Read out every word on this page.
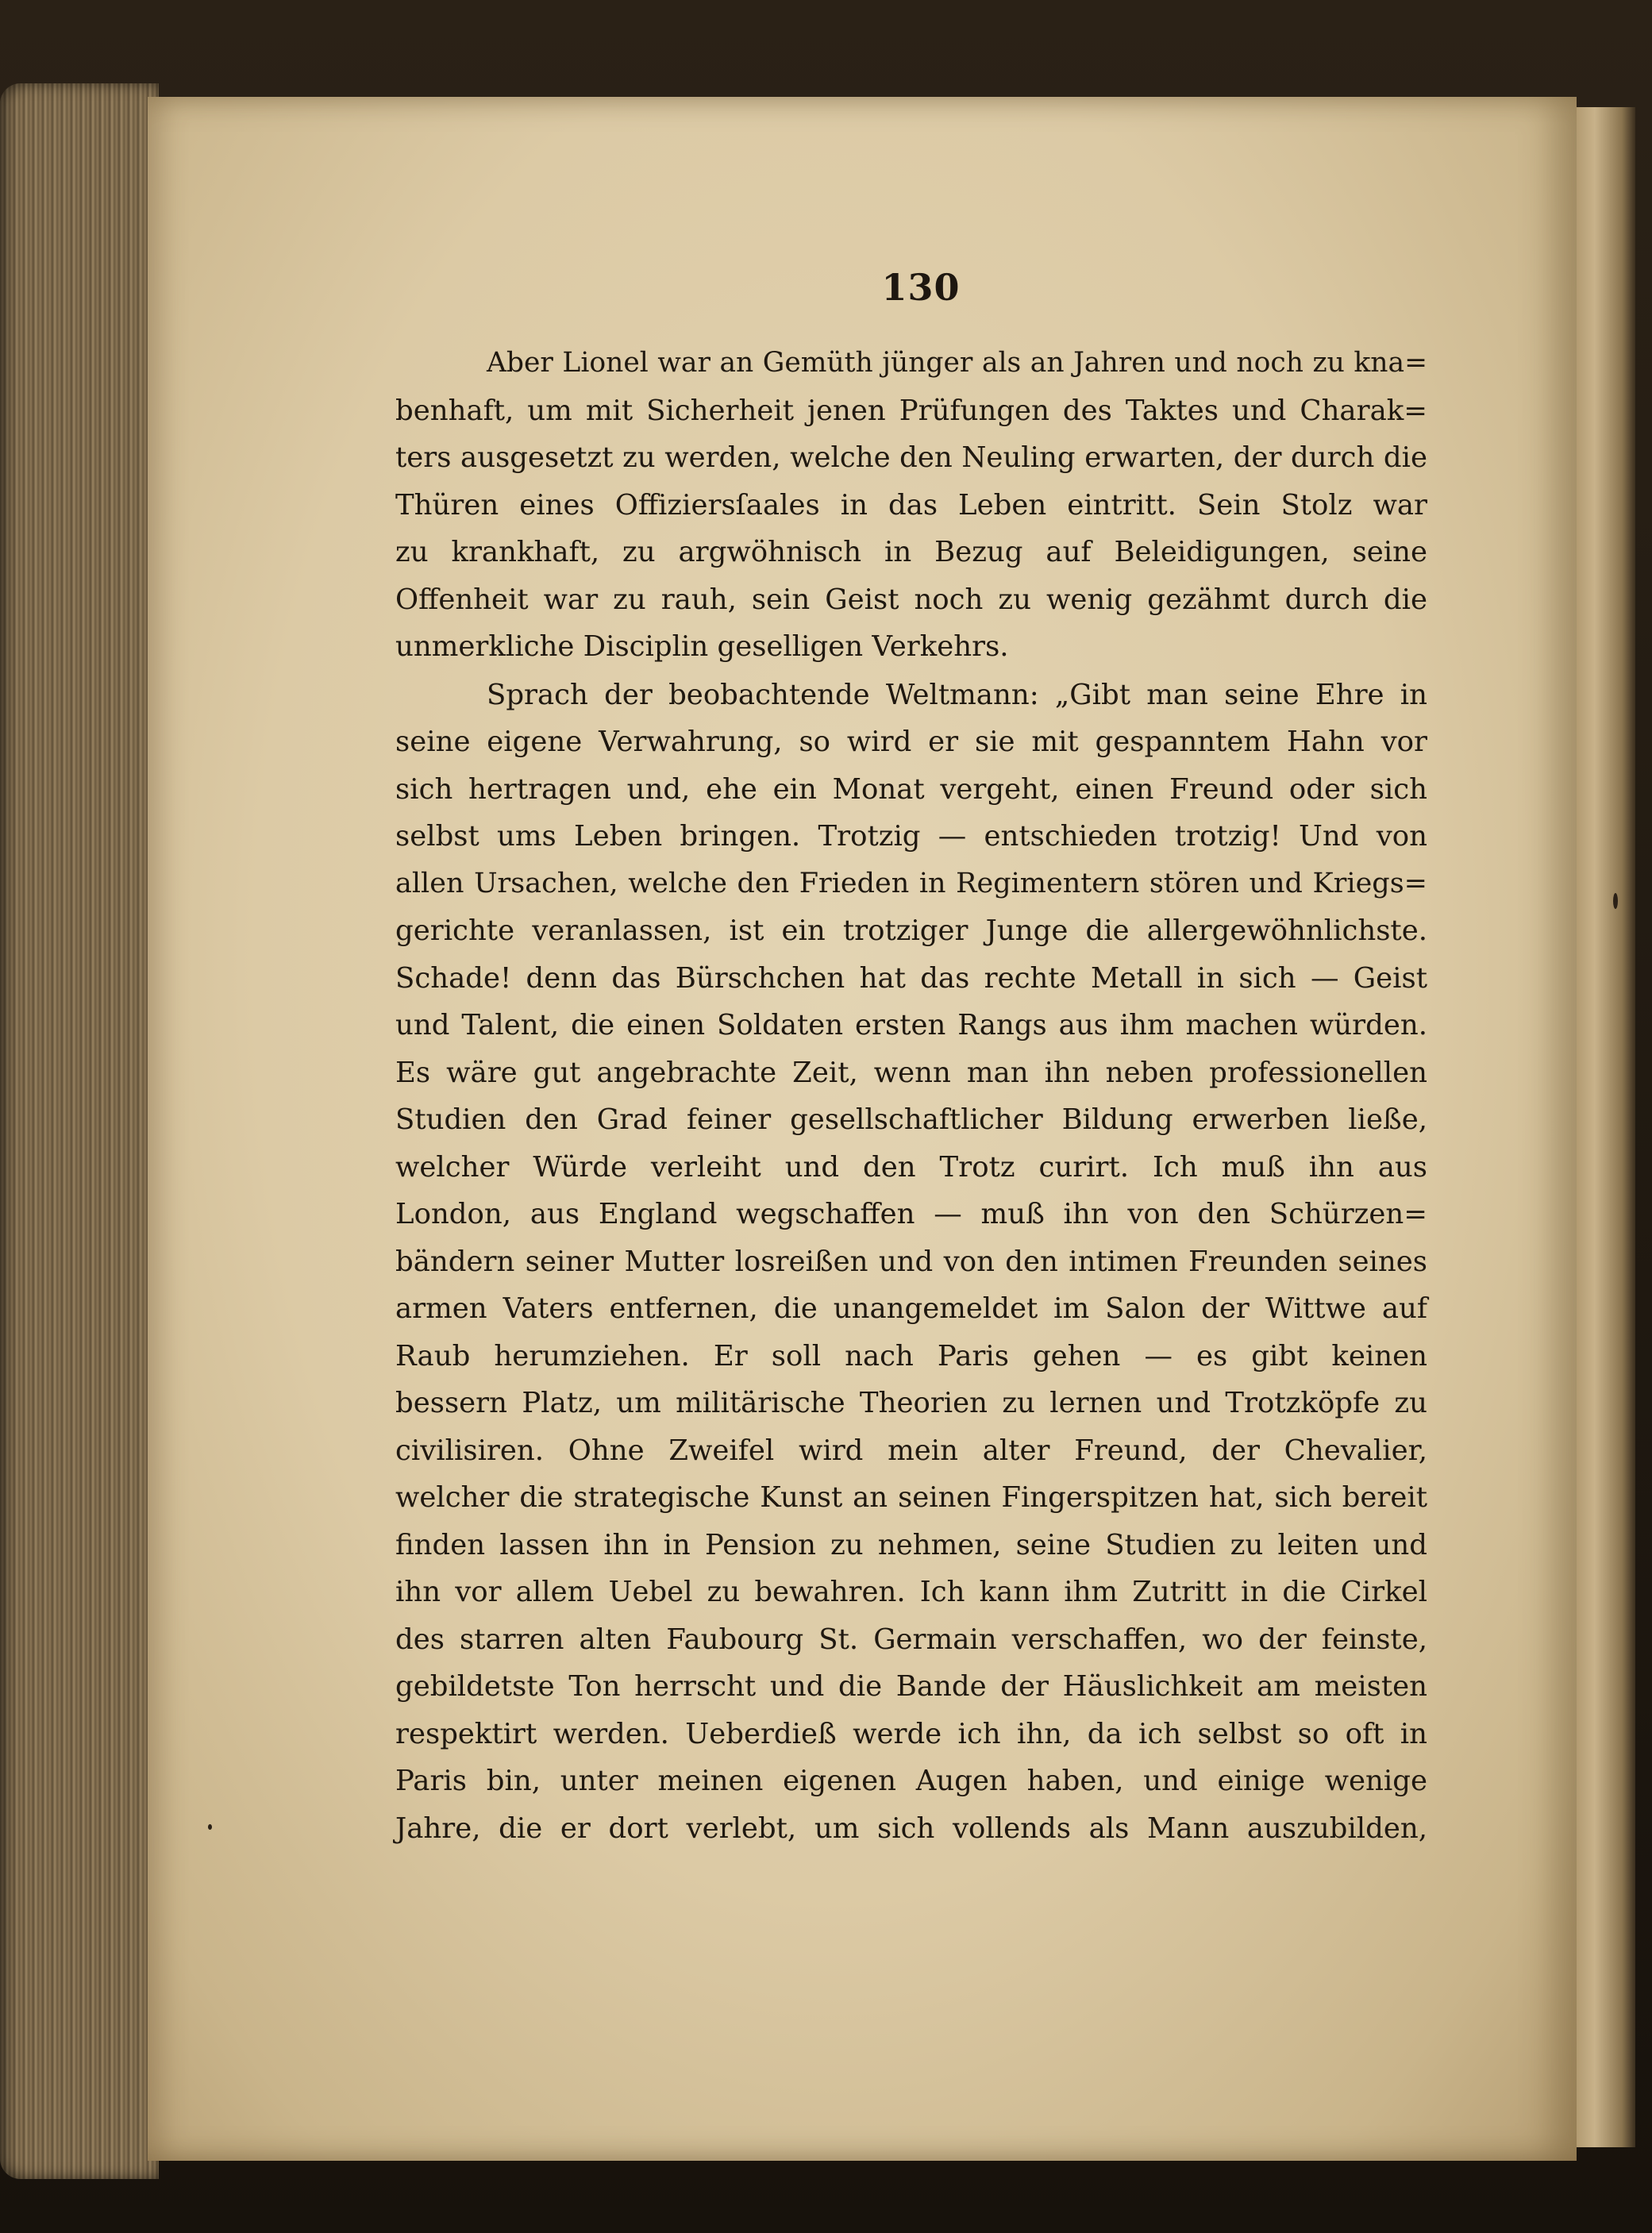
130
Aber Lionel war an Gemüth jünger als an Jahren und noch zu kna=
benhaft, um mit Sicherheit jenen Prüfungen des Taktes und Charak=
ters ausgesetzt zu werden, welche den Neuling erwarten, der durch die
Thüren eines Offiziersſaales in das Leben eintritt. Sein Stolz war
zu krankhaft, zu argwöhnisch in Bezug auf Beleidigungen, seine
Offenheit war zu rauh, sein Geist noch zu wenig gezähmt durch die
unmerkliche Disciplin geselligen Verkehrs.
Sprach der beobachtende Weltmann: „Gibt man seine Ehre in
seine eigene Verwahrung, so wird er sie mit gespanntem Hahn vor
sich hertragen und, ehe ein Monat vergeht, einen Freund oder sich
selbst ums Leben bringen. Trotzig — entschieden trotzig! Und von
allen Ursachen, welche den Frieden in Regimentern stören und Kriegs=
gerichte veranlassen, ist ein trotziger Junge die allergewöhnlichste.
Schade! denn das Bürschchen hat das rechte Metall in sich — Geist
und Talent, die einen Soldaten ersten Rangs aus ihm machen würden.
Es wäre gut angebrachte Zeit, wenn man ihn neben professionellen
Studien den Grad feiner gesellschaftlicher Bildung erwerben ließe,
welcher Würde verleiht und den Trotz curirt. Ich muß ihn aus
London, aus England wegschaffen — muß ihn von den Schürzen=
bändern seiner Mutter losreißen und von den intimen Freunden seines
armen Vaters entfernen, die unangemeldet im Salon der Wittwe auf
Raub herumziehen. Er soll nach Paris gehen — es gibt keinen
bessern Platz, um militärische Theorien zu lernen und Trotzköpfe zu
civilisiren. Ohne Zweifel wird mein alter Freund, der Chevalier,
welcher die strategische Kunst an seinen Fingerspitzen hat, sich bereit
finden lassen ihn in Pension zu nehmen, seine Studien zu leiten und
ihn vor allem Uebel zu bewahren. Ich kann ihm Zutritt in die Cirkel
des starren alten Faubourg St. Germain verschaffen, wo der feinste,
gebildetste Ton herrscht und die Bande der Häuslichkeit am meisten
respektirt werden. Ueberdieß werde ich ihn, da ich selbst so oft in
Paris bin, unter meinen eigenen Augen haben, und einige wenige
Jahre, die er dort verlebt, um sich vollends als Mann auszubilden,
